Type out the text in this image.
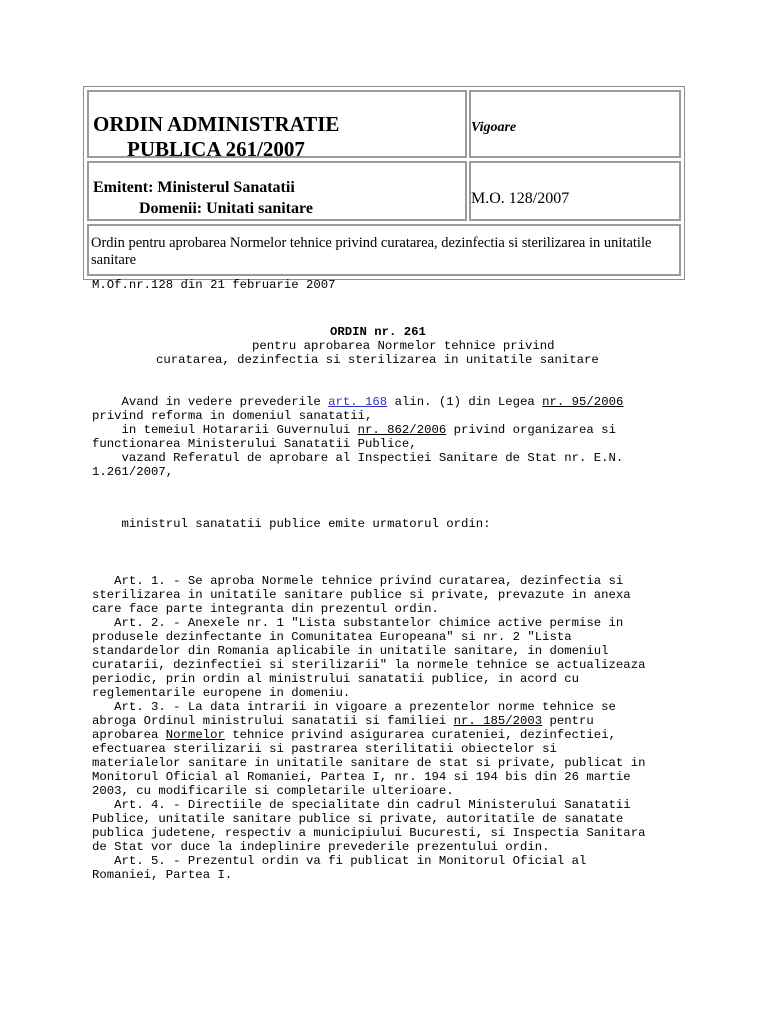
ORDIN ADMINISTRATIE
PUBLICA 261/2007
Vigoare
Emitent: Ministerul Sanatatii
Domenii: Unitati sanitare
M.O. 128/2007
Ordin pentru aprobarea Normelor tehnice privind curatarea, dezinfectia si sterilizarea in unitatile sanitare
M.Of.nr.128 din 21 februarie 2007
ORDIN nr. 261
pentru aprobarea Normelor tehnice privind
curatarea, dezinfectia si sterilizarea in unitatile sanitare
Avand in vedere prevederile art. 168 alin. (1) din Legea nr. 95/2006
privind reforma in domeniul sanatatii,
in temeiul Hotararii Guvernului nr. 862/2006 privind organizarea si
functionarea Ministerului Sanatatii Publice,
vazand Referatul de aprobare al Inspectiei Sanitare de Stat nr. E.N.
1.261/2007,
ministrul sanatatii publice emite urmatorul ordin:
Art. 1. - Se aproba Normele tehnice privind curatarea, dezinfectia si
sterilizarea in unitatile sanitare publice si private, prevazute in anexa
care face parte integranta din prezentul ordin.
Art. 2. - Anexele nr. 1 "Lista substantelor chimice active permise in
produsele dezinfectante in Comunitatea Europeana" si nr. 2 "Lista
standardelor din Romania aplicabile in unitatile sanitare, in domeniul
curatarii, dezinfectiei si sterilizarii" la normele tehnice se actualizeaza
periodic, prin ordin al ministrului sanatatii publice, in acord cu
reglementarile europene in domeniu.
Art. 3. - La data intrarii in vigoare a prezentelor norme tehnice se
abroga Ordinul ministrului sanatatii si familiei nr. 185/2003 pentru
aprobarea Normelor tehnice privind asigurarea curateniei, dezinfectiei,
efectuarea sterilizarii si pastrarea sterilitatii obiectelor si
materialelor sanitare in unitatile sanitare de stat si private, publicat in
Monitorul Oficial al Romaniei, Partea I, nr. 194 si 194 bis din 26 martie
2003, cu modificarile si completarile ulterioare.
Art. 4. - Directiile de specialitate din cadrul Ministerului Sanatatii
Publice, unitatile sanitare publice si private, autoritatile de sanatate
publica judetene, respectiv a municipiului Bucuresti, si Inspectia Sanitara
de Stat vor duce la indeplinire prevederile prezentului ordin.
Art. 5. - Prezentul ordin va fi publicat in Monitorul Oficial al
Romaniei, Partea I.
